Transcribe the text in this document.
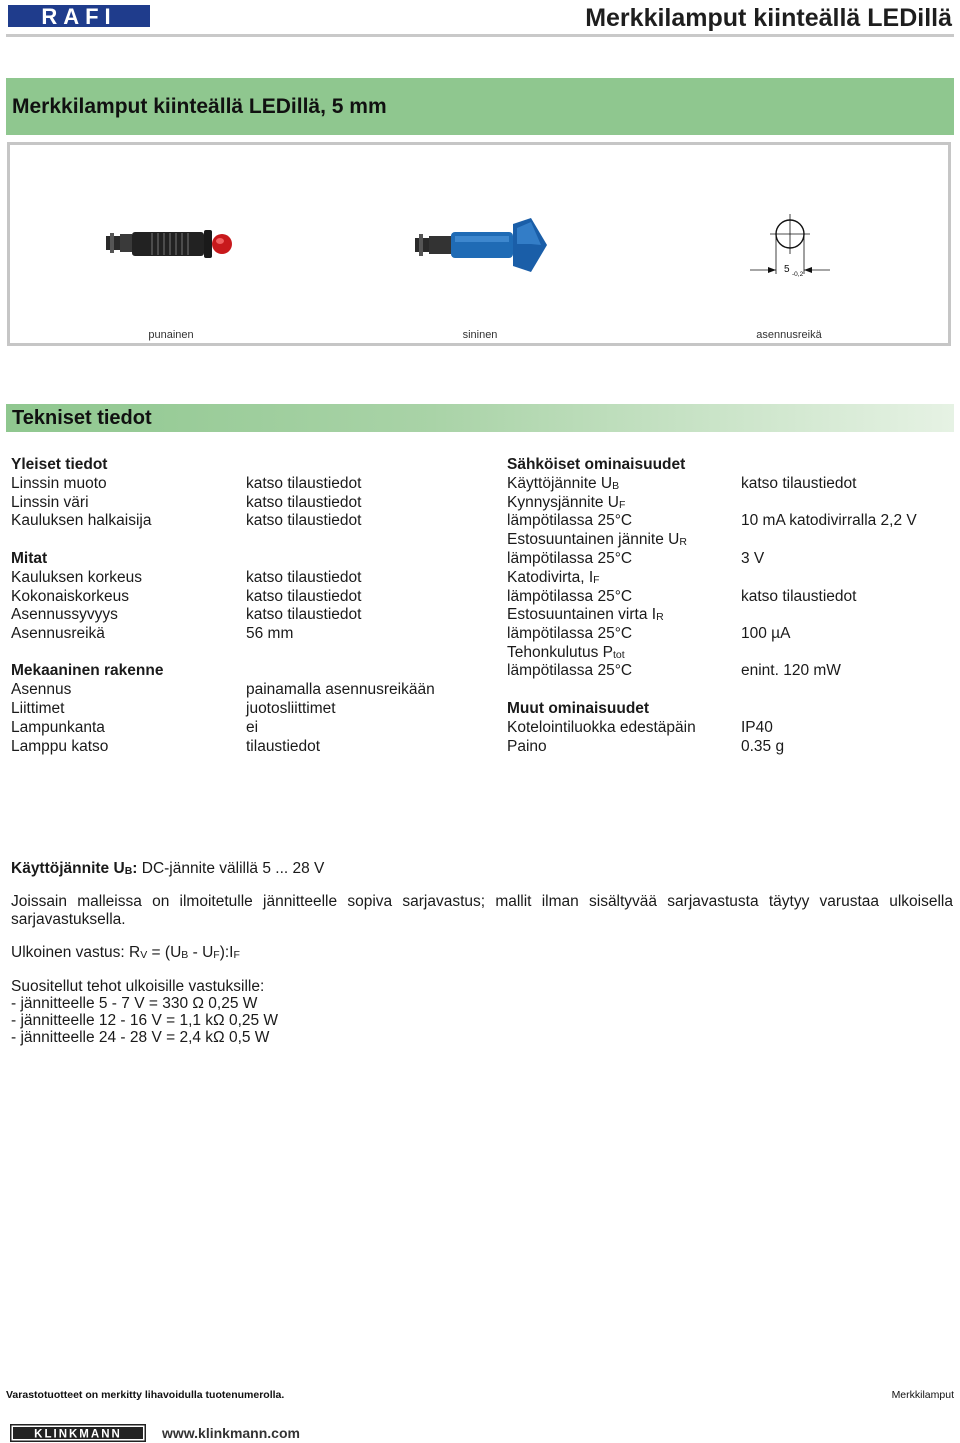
RAFI	Merkkilamput kiinteällä LEDillä
Merkkilamput kiinteällä LEDillä, 5 mm
5 -0,2
punainen	sininen	asennusreikä
Tekniset tiedot
Yleiset tiedot
Linssin muoto	katso tilaustiedot
Linssin väri	katso tilaustiedot
Kauluksen halkaisija	katso tilaustiedot
Mitat
Kauluksen korkeus	katso tilaustiedot
Kokonaiskorkeus	katso tilaustiedot
Asennussyvyys	katso tilaustiedot
Asennusreikä	56 mm
Mekaaninen rakenne
Asennus	painamalla asennusreikään
Liittimet	juotosliittimet
Lampunkanta	ei
Lamppu katso	tilaustiedot
Sähköiset ominaisuudet
Käyttöjännite UB	katso tilaustiedot
Kynnysjännite UF
lämpötilassa 25°C	10 mA katodivirralla 2,2 V
Estosuuntainen jännite UR
lämpötilassa 25°C	3 V
Katodivirta, IF
lämpötilassa 25°C	katso tilaustiedot
Estosuuntainen virta IR
lämpötilassa 25°C	100 µA
Tehonkulutus Ptot
lämpötilassa 25°C	enint. 120 mW
Muut ominaisuudet
Kotelointiluokka edestäpäin	IP40
Paino	0.35 g
Käyttöjännite UB: DC-jännite välillä 5 ... 28 V
Joissain malleissa on ilmoitetulle jännitteelle sopiva sarjavastus; mallit ilman sisältyvää sarjavastusta täytyy varustaa ulkoisella sarjavastuksella.
Ulkoinen vastus: RV = (UB - UF):IF
Suositellut tehot ulkoisille vastuksille:
- jännitteelle 5 - 7 V = 330 Ω 0,25 W
- jännitteelle 12 - 16 V = 1,1 kΩ 0,25 W
- jännitteelle 24 - 28 V = 2,4 kΩ 0,5 W
Varastotuotteet on merkitty lihavoidulla tuotenumerolla.	Merkkilamput
KLINKMANN	www.klinkmann.com
